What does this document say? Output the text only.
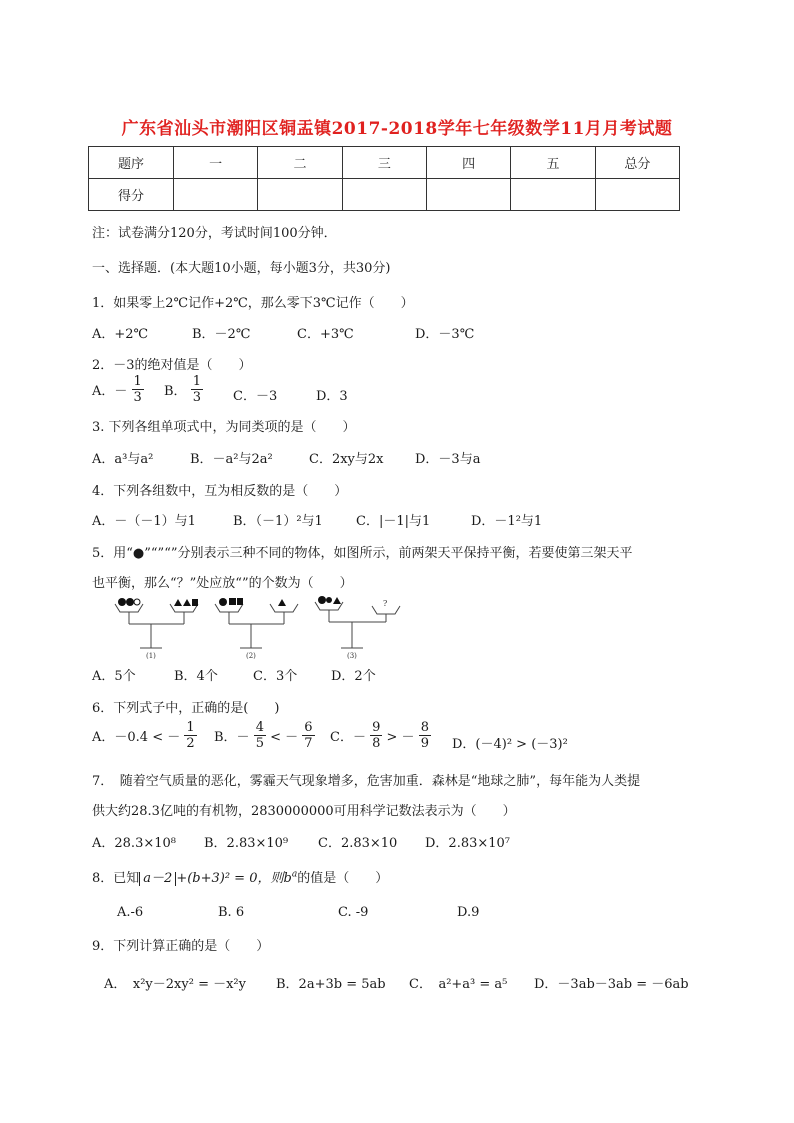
广东省汕头市潮阳区铜盂镇2017-2018学年七年级数学11月月考试题
题序	一	二	三	四	五	总分
得分						
注：试卷满分120分，考试时间100分钟．
一、选择题．(本大题10小题，每小题3分，共30分)
1．如果零上2℃记作+2℃，那么零下3℃记作（　　）
A．+2℃	B．－2℃	C．+3℃	D．－3℃
2．－3的绝对值是（　　）
A．－ $\frac{1}{3}$ B． $\frac{1}{3}$ C．－3	D．3
3. 下列各组单项式中，为同类项的是（　　）
A．a³与a²	B．－a²与2a²	C．2xy与2x D．－3与a
4．下列各组数中，互为相反数的是（　　）
A．－（－1）与1	B．（－1）²与1	C．|－1|与1	D．－1²与1
5．用“●”“”“”分别表示三种不同的物体，如图所示，前两架天平保持平衡，若要使第三架天平
也平衡，那么“？”处应放“”的个数为（　　）
(1)	(2)
?
(3)
A．5个	B．4个	C．3个	D．2个
6．下列式子中，正确的是(　　)
A．－0.4 < － $\frac{1}{2}$ B．－ $\frac{4}{5}$ < － $\frac{6}{7}$ C．－ $\frac{9}{8}$ > － $\frac{8}{9}$ D．(－4)² > (－3)²
7．　随着空气质量的恶化，雾霾天气现象增多，危害加重．森林是“地球之肺”，每年能为人类提
供大约28.3亿吨的有机物，2830000000可用科学记数法表示为（　　）
A．28.3×10⁸ B．2.83×10⁹ C．2.83×10 D．2.83×10⁷
8．已知 a－2 +(b+3)² = 0，则$b^a$的值是（　　）
A.-6	B. 6	C. -9	D.9
9．下列计算正确的是（　　）
A．　x²y－2xy² = －x²y B．2a+3b = 5ab C．　a²+a³ = a⁵ D．－3ab－3ab = －6ab
